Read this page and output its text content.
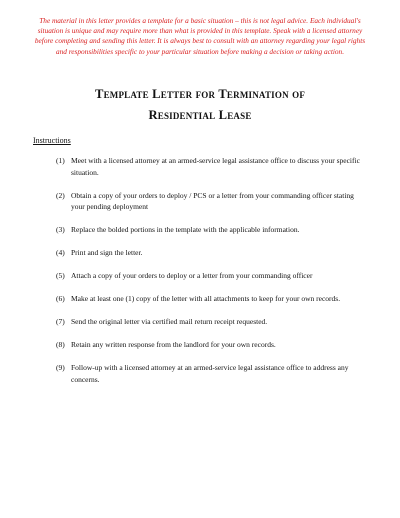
The material in this letter provides a template for a basic situation – this is not legal advice. Each individual's situation is unique and may require more than what is provided in this template. Speak with a licensed attorney before completing and sending this letter. It is always best to consult with an attorney regarding your legal rights and responsibilities specific to your particular situation before making a decision or taking action.
Template Letter for Termination of
Residential Lease
Instructions
(1) Meet with a licensed attorney at an armed-service legal assistance office to discuss your specific situation.
(2) Obtain a copy of your orders to deploy / PCS or a letter from your commanding officer stating your pending deployment
(3) Replace the bolded portions in the template with the applicable information.
(4) Print and sign the letter.
(5) Attach a copy of your orders to deploy or a letter from your commanding officer
(6) Make at least one (1) copy of the letter with all attachments to keep for your own records.
(7) Send the original letter via certified mail return receipt requested.
(8) Retain any written response from the landlord for your own records.
(9) Follow-up with a licensed attorney at an armed-service legal assistance office to address any concerns.
